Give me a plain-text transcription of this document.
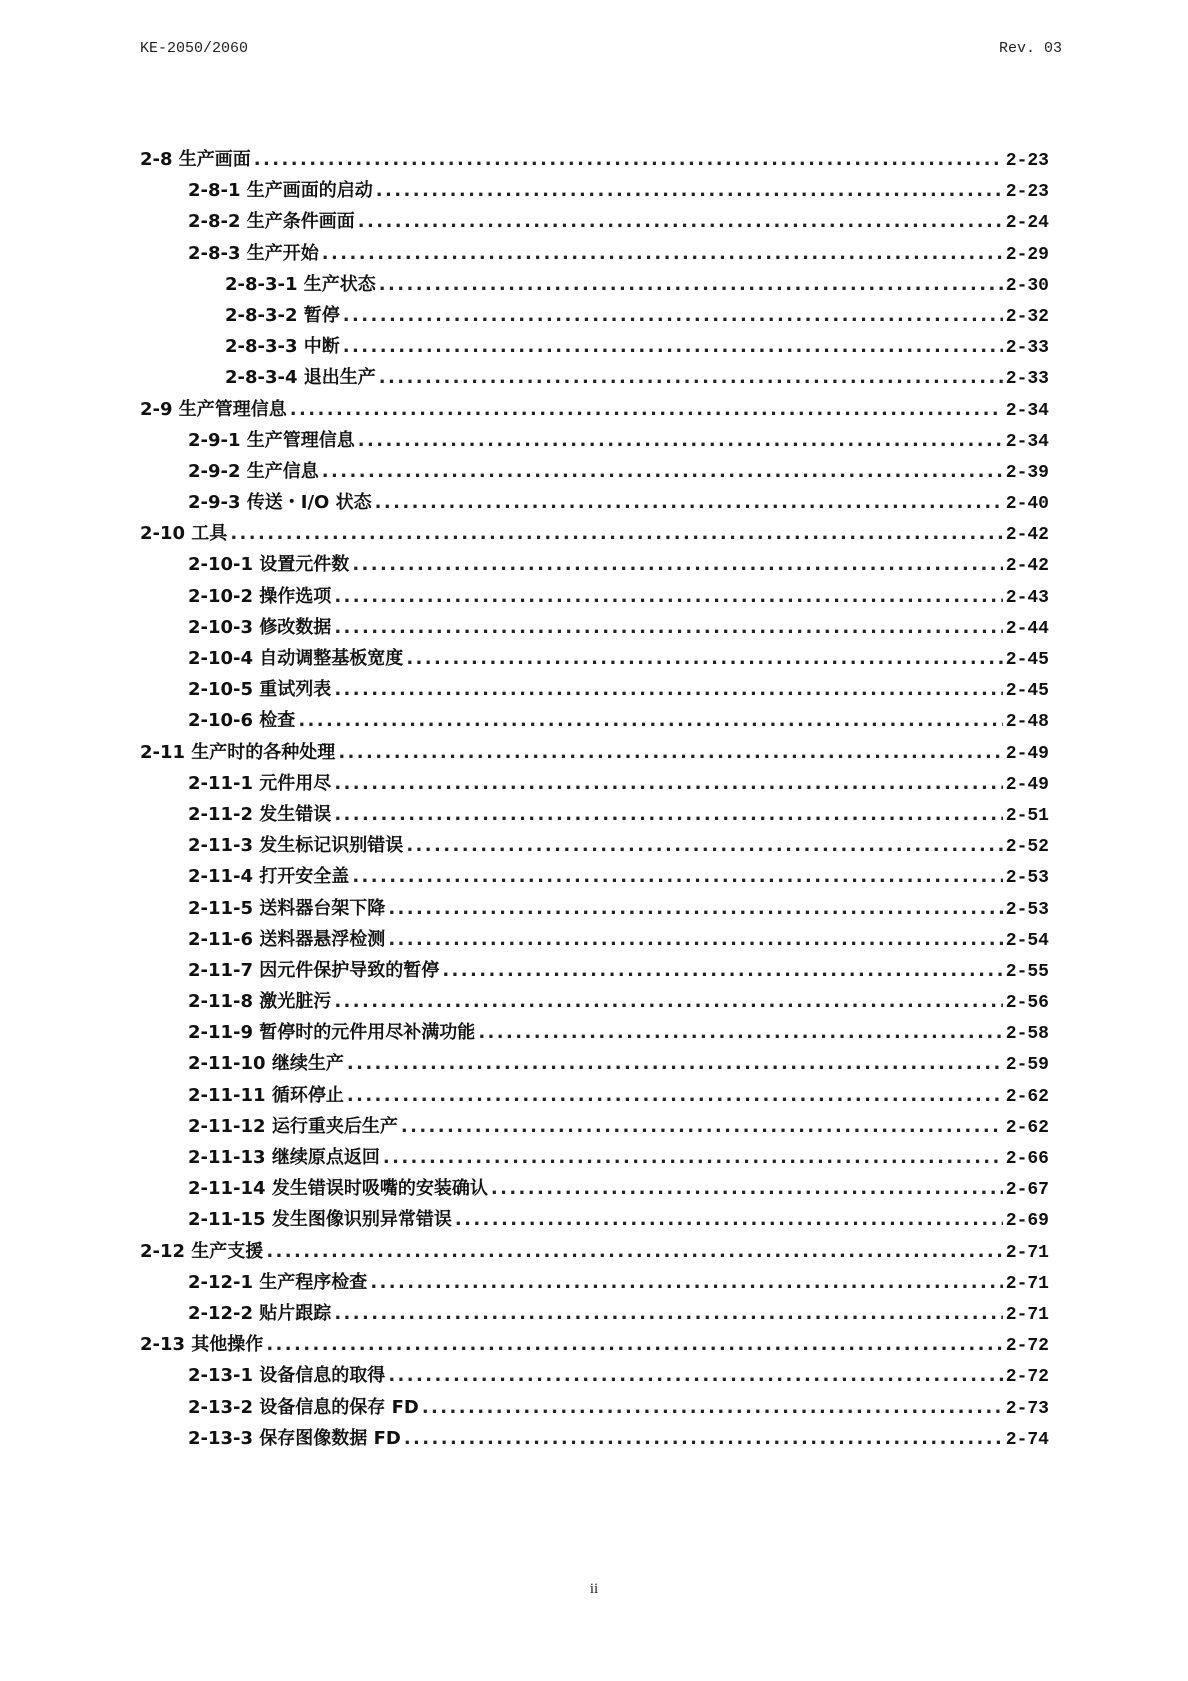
KE-2050/2060	Rev. 03
2-8 生产画面 .....	2-23
2-8-1 生产画面的启动 .....	2-23
2-8-2 生产条件画面 .....	2-24
2-8-3 生产开始 .....	2-29
2-8-3-1 生产状态 .....	2-30
2-8-3-2 暂停 .....	2-32
2-8-3-3 中断 .....	2-33
2-8-3-4 退出生产 .....	2-33
2-9 生产管理信息 .....	2-34
2-9-1 生产管理信息 .....	2-34
2-9-2 生产信息 .....	2-39
2-9-3 传送・I/O 状态 .....	2-40
2-10 工具 .....	2-42
2-10-1 设置元件数 .....	2-42
2-10-2 操作选项 .....	2-43
2-10-3 修改数据 .....	2-44
2-10-4 自动调整基板宽度 .....	2-45
2-10-5 重试列表 .....	2-45
2-10-6 检查 .....	2-48
2-11 生产时的各种处理 .....	2-49
2-11-1 元件用尽 .....	2-49
2-11-2 发生错误 .....	2-51
2-11-3 发生标记识别错误 .....	2-52
2-11-4 打开安全盖 .....	2-53
2-11-5 送料器台架下降 .....	2-53
2-11-6 送料器悬浮检测 .....	2-54
2-11-7 因元件保护导致的暂停 .....	2-55
2-11-8 激光脏污 .....	2-56
2-11-9 暂停时的元件用尽补满功能 .....	2-58
2-11-10 继续生产 .....	2-59
2-11-11 循环停止 .....	2-62
2-11-12 运行重夹后生产 .....	2-62
2-11-13 继续原点返回 .....	2-66
2-11-14 发生错误时吸嘴的安装确认 .....	2-67
2-11-15 发生图像识别异常错误 .....	2-69
2-12 生产支援 .....	2-71
2-12-1 生产程序检查 .....	2-71
2-12-2 贴片跟踪 .....	2-71
2-13 其他操作 .....	2-72
2-13-1 设备信息的取得 .....	2-72
2-13-2 设备信息的保存 FD .....	2-73
2-13-3 保存图像数据 FD .....	2-74
ii
